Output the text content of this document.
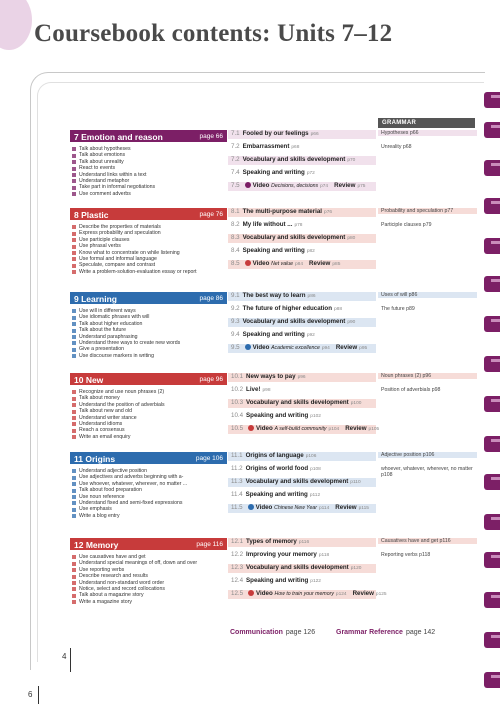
Coursebook contents: Units 7–12
GRAMMAR
7 Emotion and reason	page 66
Talk about hypotheses
Talk about emotions
Talk about unreality
React to events
Understand links within a text
Understand metaphor
Take part in informal negotiations
Use comment adverbs
7.1 Fooled by our feelings p66
7.2 Embarrassment p68
7.2 Vocabulary and skills development p70
7.4 Speaking and writing p72
7.5 Video Decisions, decisions p74 Review p75
Hypotheses p66
Unreality p68
8 Plastic	page 76
Describe the properties of materials
Express probability and speculation
Use participle clauses
Use phrasal verbs
Know what to concentrate on while listening
Use formal and informal language
Speculate, compare and contrast
Write a problem-solution-evaluation essay or report
8.1 The multi-purpose material p76
8.2 My life without ... p78
8.3 Vocabulary and skills development p80
8.4 Speaking and writing p82
8.5 Video Net value p84 Review p85
Probability and speculation p77
Participle clauses p79
9 Learning	page 86
Use will in different ways
Use idiomatic phrases with will
Talk about higher education
Talk about the future
Understand paraphrasing
Understand three ways to create new words
Give a presentation
Use discourse markers in writing
9.1 The best way to learn p86
9.2 The future of higher education p88
9.3 Vocabulary and skills development p90
9.4 Speaking and writing p92
9.5 Video Academic excellence p94 Review p95
Uses of will p86
The future p89
10 New	page 96
Recognize and use noun phrases (2)
Talk about money
Understand the position of adverbials
Talk about new and old
Understand writer stance
Understand idioms
Reach a consensus
Write an email enquiry
10.1 New ways to pay p96
10.2 Live! p98
10.3 Vocabulary and skills development p100
10.4 Speaking and writing p102
10.5 Video A self-build community p104 Review p105
Noun phrases (2) p96
Position of adverbials p98
11 Origins	page 106
Understand adjective position
Use adjectives and adverbs beginning with a-
Use whoever, whatever, wherever, no matter ...
Talk about food preparation
Use noun reference
Understand fixed and semi-fixed expressions
Use emphasis
Write a blog entry
11.1 Origins of language p106
11.2 Origins of world food p108
11.3 Vocabulary and skills development p110
11.4 Speaking and writing p112
11.5 Video Chinese New Year p114 Review p115
Adjective position p106
whoever, whatever, wherever, no matter p108
12 Memory	page 116
Use causatives have and get
Understand special meanings of off, down and over
Use reporting verbs
Describe research and results
Understand non-standard word order
Notice, select and record collocations
Talk about a magazine story
Write a magazine story
12.1 Types of memory p116
12.2 Improving your memory p118
12.3 Vocabulary and skills development p120
12.4 Speaking and writing p122
12.5 Video How to train your memory p124 Review p125
Causatives have and get p116
Reporting verbs p118
Communication page 126	Grammar Reference page 142
4
6
